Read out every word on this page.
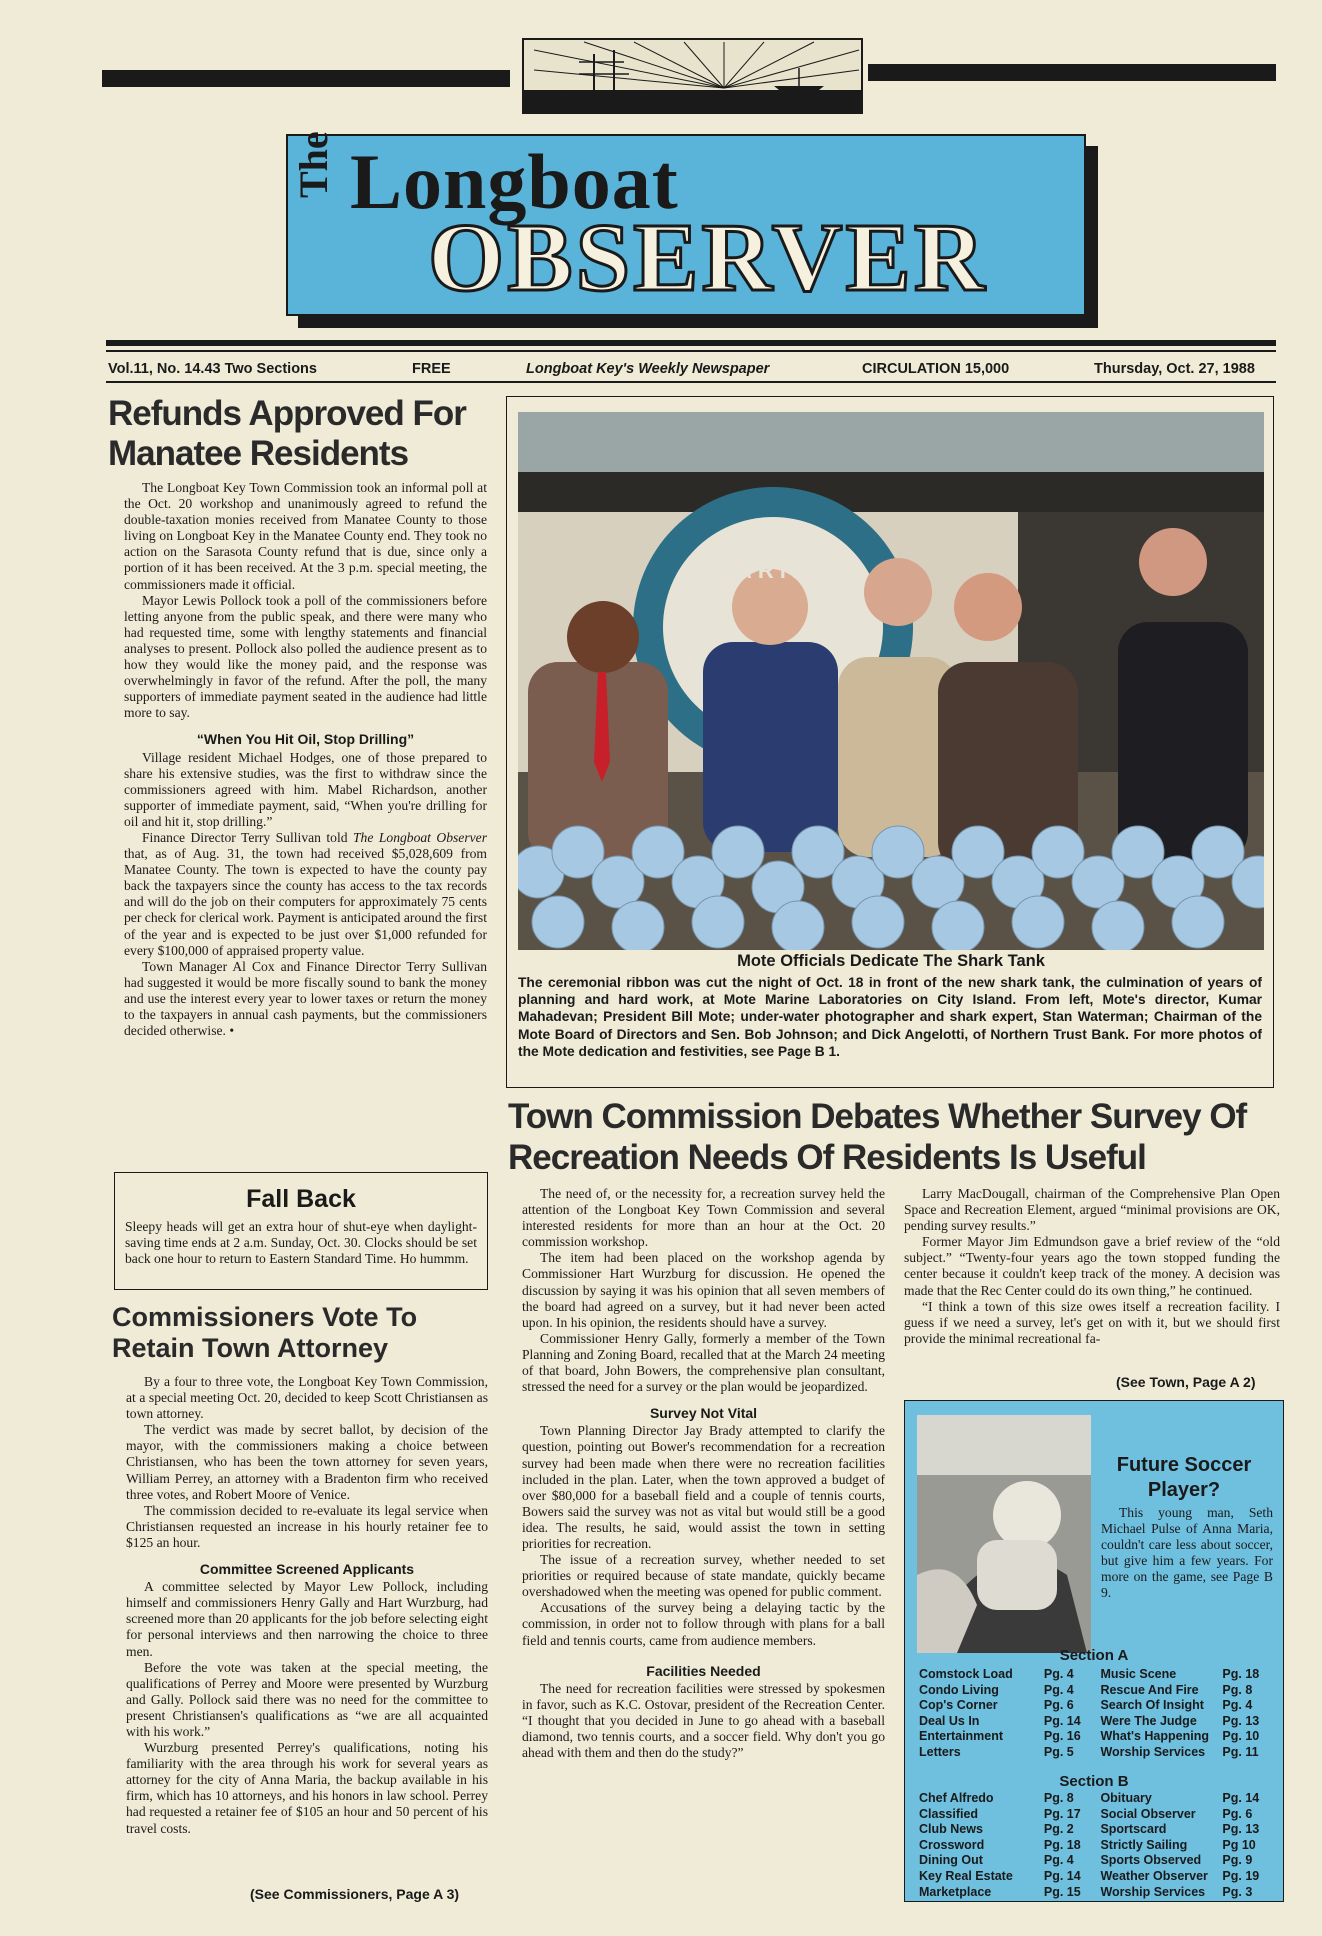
The Longboat
OBSERVER
Vol.11, No. 14.43 Two Sections	FREE	Longboat Key's Weekly Newspaper	CIRCULATION 15,000	Thursday, Oct. 27, 1988
Refunds Approved For Manatee Residents

The Longboat Key Town Commission took an informal poll at the Oct. 20 workshop and unanimously agreed to refund the double-taxation monies received from Manatee County to those living on Longboat Key in the Manatee County end. They took no action on the Sarasota County refund that is due, since only a portion of it has been received. At the 3 p.m. special meeting, the commissioners made it official.

Mayor Lewis Pollock took a poll of the commissioners before letting anyone from the public speak, and there were many who had requested time, some with lengthy statements and financial analyses to present. Pollock also polled the audience present as to how they would like the money paid, and the response was overwhelmingly in favor of the refund. After the poll, the many supporters of immediate payment seated in the audience had little more to say.

“When You Hit Oil, Stop Drilling”

Village resident Michael Hodges, one of those prepared to share his extensive studies, was the first to withdraw since the commissioners agreed with him. Mabel Richardson, another supporter of immediate payment, said, “When you're drilling for oil and hit it, stop drilling.”

Finance Director Terry Sullivan told The Longboat Observer that, as of Aug. 31, the town had received $5,028,609 from Manatee County. The town is expected to have the county pay back the taxpayers since the county has access to the tax records and will do the job on their computers for approximately 75 cents per check for clerical work. Payment is anticipated around the first of the year and is expected to be just over $1,000 refunded for every $100,000 of appraised property value.

Town Manager Al Cox and Finance Director Terry Sullivan had suggested it would be more fiscally sound to bank the money and use the interest every year to lower taxes or return the money to the taxpayers in annual cash payments, but the commissioners decided otherwise. •

Fall Back
Sleepy heads will get an extra hour of shut-eye when daylight-saving time ends at 2 a.m. Sunday, Oct. 30. Clocks should be set back one hour to return to Eastern Standard Time. Ho hummm.
Commissioners Vote To Retain Town Attorney

By a four to three vote, the Longboat Key Town Commission, at a special meeting Oct. 20, decided to keep Scott Christiansen as town attorney.

The verdict was made by secret ballot, by decision of the mayor, with the commissioners making a choice between Christiansen, who has been the town attorney for seven years, William Perrey, an attorney with a Bradenton firm who received three votes, and Robert Moore of Venice.

The commission decided to re-evaluate its legal service when Christiansen requested an increase in his hourly retainer fee to $125 an hour.

Committee Screened Applicants

A committee selected by Mayor Lew Pollock, including himself and commissioners Henry Gally and Hart Wurzburg, had screened more than 20 applicants for the job before selecting eight for personal interviews and then narrowing the choice to three men.

Before the vote was taken at the special meeting, the qualifications of Perrey and Moore were presented by Wurzburg and Gally. Pollock said there was no need for the committee to present Christiansen's qualifications as “we are all acquainted with his work.”

Wurzburg presented Perrey's qualifications, noting his familiarity with the area through his work for several years as attorney for the city of Anna Maria, the backup available in his firm, which has 10 attorneys, and his honors in law school. Perrey had requested a retainer fee of $105 an hour and 50 percent of his travel costs.

(See Commissioners, Page A 3)
MOTE MARINE
Mote Officials Dedicate The Shark Tank
The ceremonial ribbon was cut the night of Oct. 18 in front of the new shark tank, the culmination of years of planning and hard work, at Mote Marine Laboratories on City Island. From left, Mote's director, Kumar Mahadevan; President Bill Mote; under-water photographer and shark expert, Stan Waterman; Chairman of the Mote Board of Directors and Sen. Bob Johnson; and Dick Angelotti, of Northern Trust Bank. For more photos of the Mote dedication and festivities, see Page B 1.
Town Commission Debates Whether Survey Of Recreation Needs Of Residents Is Useful

The need of, or the necessity for, a recreation survey held the attention of the Longboat Key Town Commission and several interested residents for more than an hour at the Oct. 20 commission workshop.

The item had been placed on the workshop agenda by Commissioner Hart Wurzburg for discussion. He opened the discussion by saying it was his opinion that all seven members of the board had agreed on a survey, but it had never been acted upon. In his opinion, the residents should have a survey.

Commissioner Henry Gally, formerly a member of the Town Planning and Zoning Board, recalled that at the March 24 meeting of that board, John Bowers, the comprehensive plan consultant, stressed the need for a survey or the plan would be jeopardized.

Survey Not Vital

Town Planning Director Jay Brady attempted to clarify the question, pointing out Bower's recommendation for a recreation survey had been made when there were no recreation facilities included in the plan. Later, when the town approved a budget of over $80,000 for a baseball field and a couple of tennis courts, Bowers said the survey was not as vital but would still be a good idea. The results, he said, would assist the town in setting priorities for recreation.

The issue of a recreation survey, whether needed to set priorities or required because of state mandate, quickly became overshadowed when the meeting was opened for public comment.

Accusations of the survey being a delaying tactic by the commission, in order not to follow through with plans for a ball field and tennis courts, came from audience members.

Facilities Needed

The need for recreation facilities were stressed by spokesmen in favor, such as K.C. Ostovar, president of the Recreation Center. “I thought that you decided in June to go ahead with a baseball diamond, two tennis courts, and a soccer field. Why don't you go ahead with them and then do the study?”

Larry MacDougall, chairman of the Comprehensive Plan Open Space and Recreation Element, argued “minimal provisions are OK, pending survey results.”

Former Mayor Jim Edmundson gave a brief review of the “old subject.” “Twenty-four years ago the town stopped funding the center because it couldn't keep track of the money. A decision was made that the Rec Center could do its own thing,” he continued.

“I think a town of this size owes itself a recreation facility. I guess if we need a survey, let's get on with it, but we should first provide the minimal recreational fa-

(See Town, Page A 2)
Future Soccer Player?
This young man, Seth Michael Pulse of Anna Maria, couldn't care less about soccer, but give him a few years. For more on the game, see Page B 9.
Section A
Comstock Load	Pg. 4	Music Scene	Pg. 18
Condo Living	Pg. 4	Rescue And Fire	Pg. 8
Cop's Corner	Pg. 6	Search Of Insight	Pg. 4
Deal Us In	Pg. 14	Were The Judge	Pg. 13
Entertainment	Pg. 16	What's Happening	Pg. 10
Letters	Pg. 5	Worship Services	Pg. 11
Section B
Chef Alfredo	Pg. 8	Obituary	Pg. 14
Classified	Pg. 17	Social Observer	Pg. 6
Club News	Pg. 2	Sportscard	Pg. 13
Crossword	Pg. 18	Strictly Sailing	Pg 10
Dining Out	Pg. 4	Sports Observed	Pg. 9
Key Real Estate	Pg. 14	Weather Observer	Pg. 19
Marketplace	Pg. 15	Worship Services	Pg. 3
